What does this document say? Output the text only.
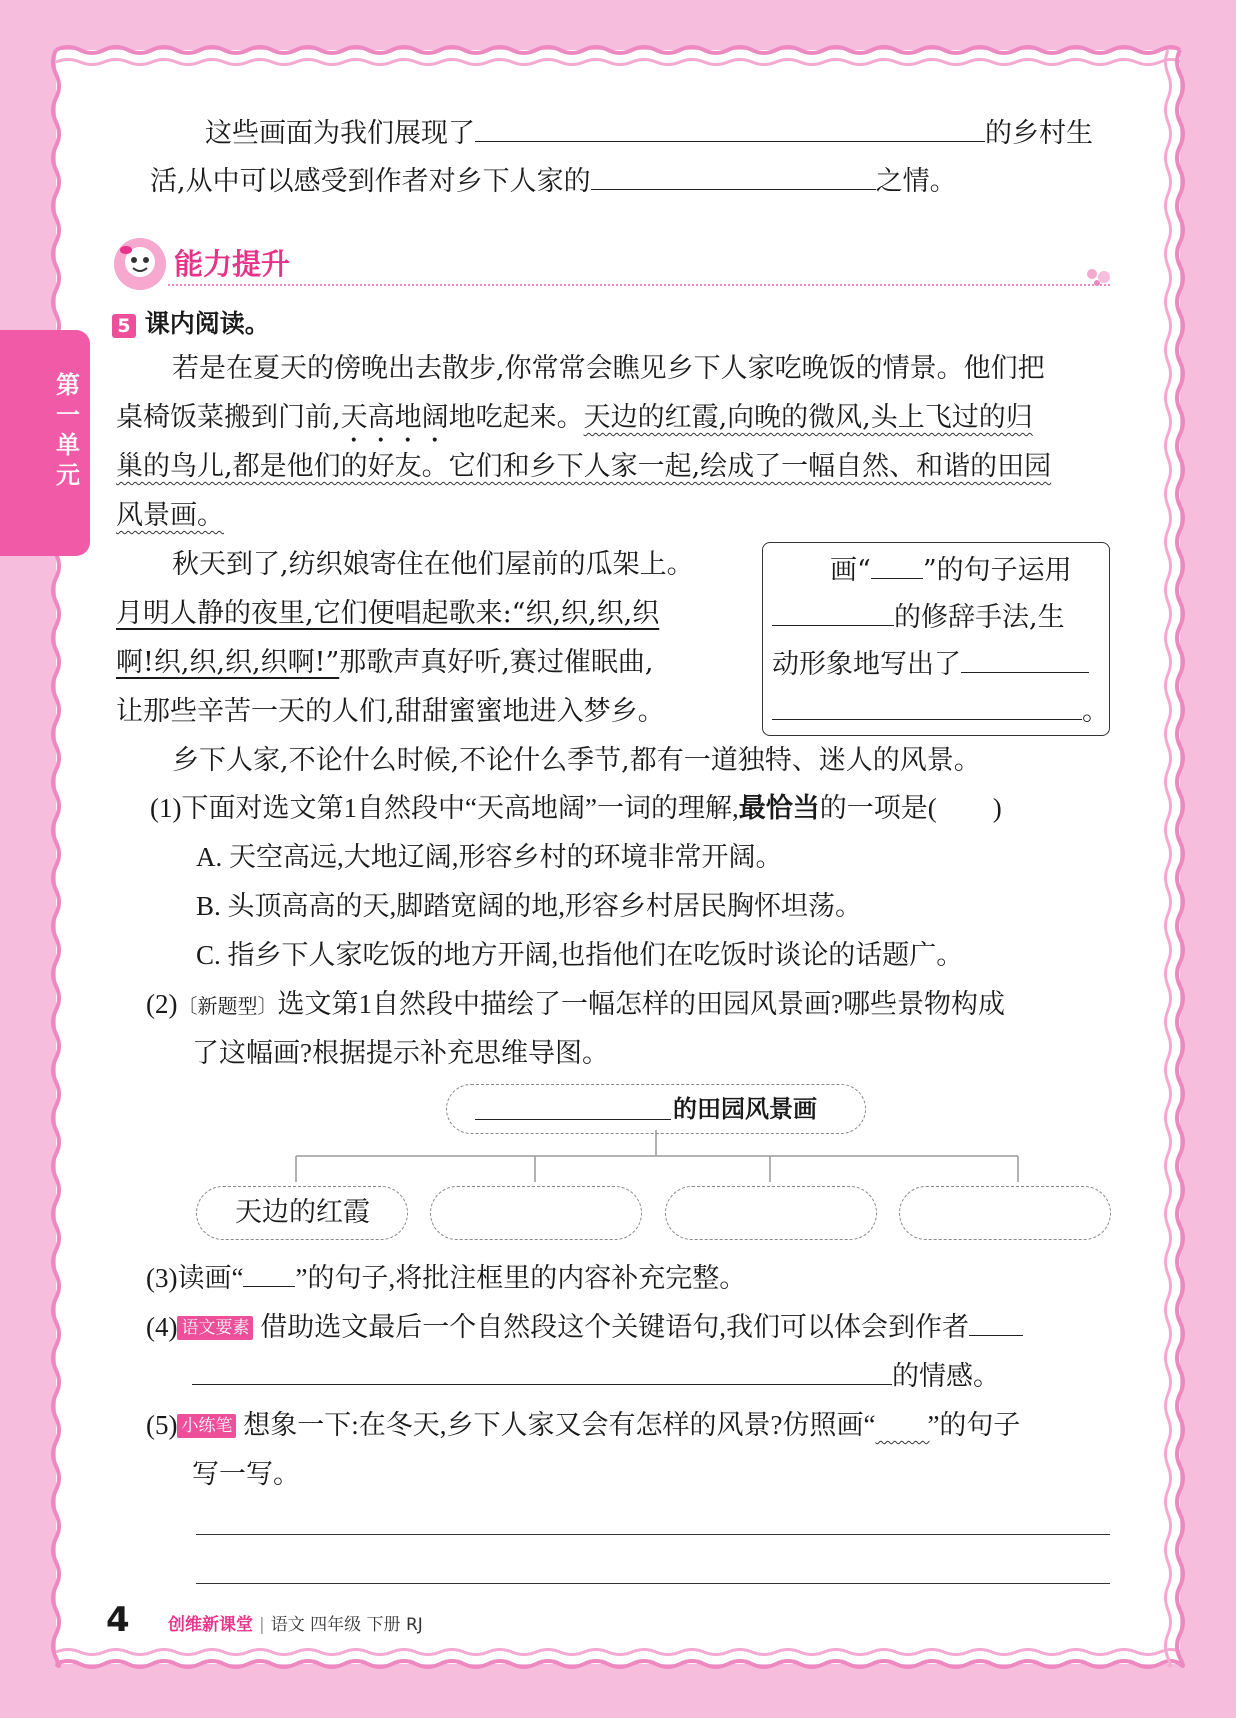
第一单元
这些画面为我们展现了	的乡村生
活,从中可以感受到作者对乡下人家的	之情。
能力提升
5 课内阅读。
若是在夏天的傍晚出去散步,你常常会瞧见乡下人家吃晚饭的情景。他们把
桌椅饭菜搬到门前,天高地阔地吃起来。天边的红霞,向晚的微风,头上飞过的归
巢的鸟儿,都是他们的好友。它们和乡下人家一起,绘成了一幅自然、和谐的田园
风景画。
秋天到了,纺织娘寄住在他们屋前的瓜架上。
月明人静的夜里,它们便唱起歌来:“织,织,织,织
啊!织,织,织,织啊!”那歌声真好听,赛过催眠曲,
让那些辛苦一天的人们,甜甜蜜蜜地进入梦乡。
画“ ”的句子运用
的修辞手法,生
动形象地写出了
。
乡下人家,不论什么时候,不论什么季节,都有一道独特、迷人的风景。
(1)下面对选文第1自然段中“天高地阔”一词的理解,最恰当的一项是( )
A. 天空高远,大地辽阔,形容乡村的环境非常开阔。
B. 头顶高高的天,脚踏宽阔的地,形容乡村居民胸怀坦荡。
C. 指乡下人家吃饭的地方开阔,也指他们在吃饭时谈论的话题广。
(2)〔新题型〕选文第1自然段中描绘了一幅怎样的田园风景画?哪些景物构成
了这幅画?根据提示补充思维导图。
的田园风景画
天边的红霞
(3)读画“ ”的句子,将批注框里的内容补充完整。
(4) 语文要素 借助选文最后一个自然段这个关键语句,我们可以体会到作者
的情感。
(5) 小练笔 想象一下:在冬天,乡下人家又会有怎样的风景?仿照画“​　　”的句子
写一写。
4 创维新课堂 | 语文 四年级 下册 RJ
